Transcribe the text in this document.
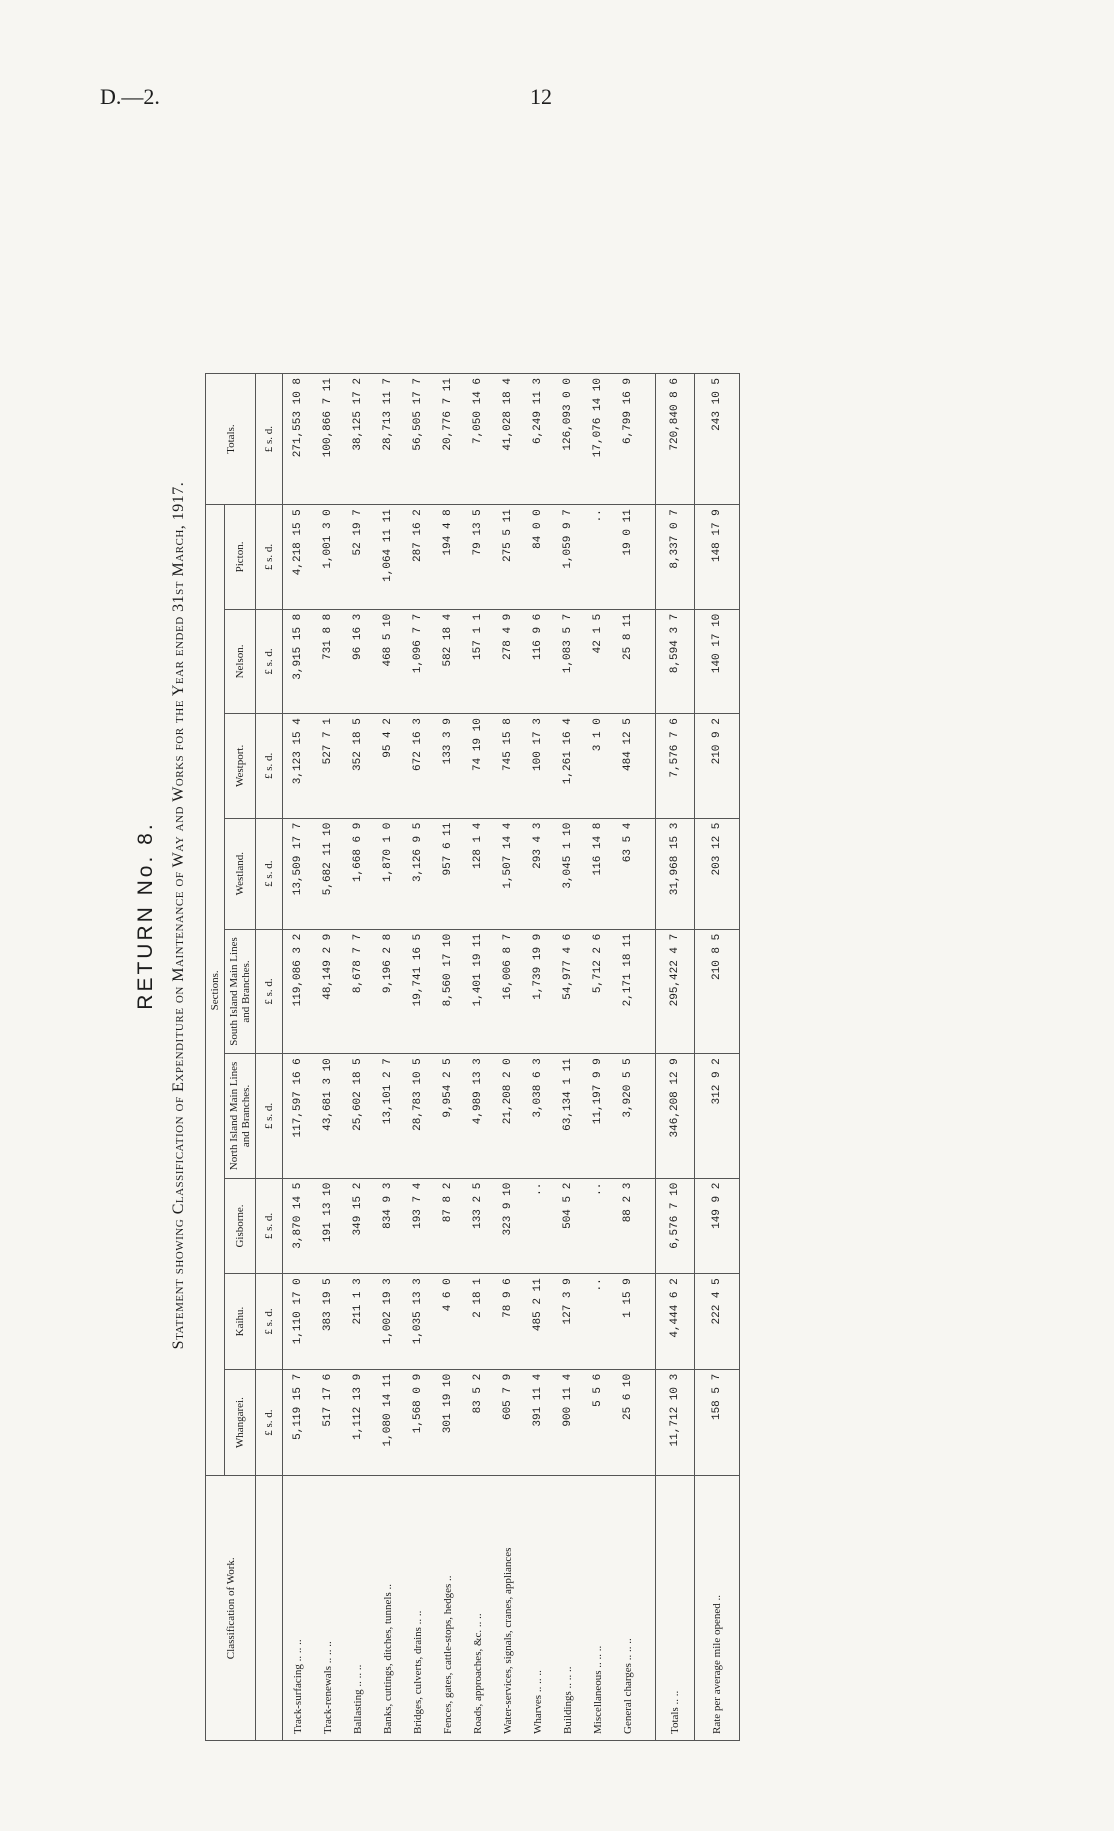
D.—2.	12
RETURN No. 8. Statement showing Classification of Expenditure on Maintenance of Way and Works for the Year ended 31st March, 1917.
Classification of Work.	Sections.									Totals.
	Whangarei.	Kaihu.	Gisborne.	North Island Main Lines and Branches.	South Island Main Lines and Branches.	Westland.	Westport.	Nelson.	Picton.	
	£ s. d.	£ s. d.	£ s. d.	£ s. d.	£ s. d.	£ s. d.	£ s. d.	£ s. d.	£ s. d.	£ s. d.
Track-surfacing .. .. ..	5,119 15 7	1,110 17 0	3,870 14 5	117,597 16 6	119,086 3 2	13,509 17 7	3,123 15 4	3,915 15 8	4,218 15 5	271,553 10 8
Track-renewals .. .. ..	517 17 6	383 19 5	191 13 10	43,681 3 10	48,149 2 9	5,682 11 10	527 7 1	731 8 8	1,001 3 0	100,866 7 11
Ballasting .. .. ..	1,112 13 9	211 1 3	349 15 2	25,602 18 5	8,678 7 7	1,668 6 9	352 18 5	96 16 3	52 19 7	38,125 17 2
Banks, cuttings, ditches, tunnels ..	1,080 14 11	1,002 19 3	834 9 3	13,101 2 7	9,196 2 8	1,870 1 0	95 4 2	468 5 10	1,064 11 11	28,713 11 7
Bridges, culverts, drains .. ..	1,568 0 9	1,035 13 3	193 7 4	28,783 10 5	19,741 16 5	3,126 9 5	672 16 3	1,096 7 7	287 16 2	56,505 17 7
Fences, gates, cattle-stops, hedges ..	301 19 10	4 6 0	87 8 2	9,954 2 5	8,560 17 10	957 6 11	133 3 9	582 18 4	194 4 8	20,776 7 11
Roads, approaches, &c. .. ..	83 5 2	2 18 1	133 2 5	4,989 13 3	1,401 19 11	128 1 4	74 19 10	157 1 1	79 13 5	7,050 14 6
Water-services, signals, cranes, appliances	605 7 9	78 9 6	323 9 10	21,208 2 0	16,006 8 7	1,507 14 4	745 15 8	278 4 9	275 5 11	41,028 18 4
Wharves .. .. ..	391 11 4	485 2 11	..	3,038 6 3	1,739 19 9	293 4 3	100 17 3	116 9 6	84 0 0	6,249 11 3
Buildings .. .. ..	900 11 4	127 3 9	504 5 2	63,134 1 11	54,977 4 6	3,045 1 10	1,261 16 4	1,083 5 7	1,059 9 7	126,093 0 0
Miscellaneous .. .. ..	5 5 6	..	..	11,197 9 9	5,712 2 6	116 14 8	3 1 0	42 1 5	..	17,076 14 10
General charges .. .. ..	25 6 10	1 15 9	88 2 3	3,920 5 5	2,171 18 11	63 5 4	484 12 5	25 8 11	19 0 11	6,799 16 9

Totals .. ..	11,712 10 3	4,444 6 2	6,576 7 10	346,208 12 9	295,422 4 7	31,968 15 3	7,576 7 6	8,594 3 7	8,337 0 7	720,840 8 6
Rate per average mile opened ..	158 5 7	222 4 5	149 9 2	312 9 2	210 8 5	203 12 5	210 9 2	140 17 10	148 17 9	243 10 5
